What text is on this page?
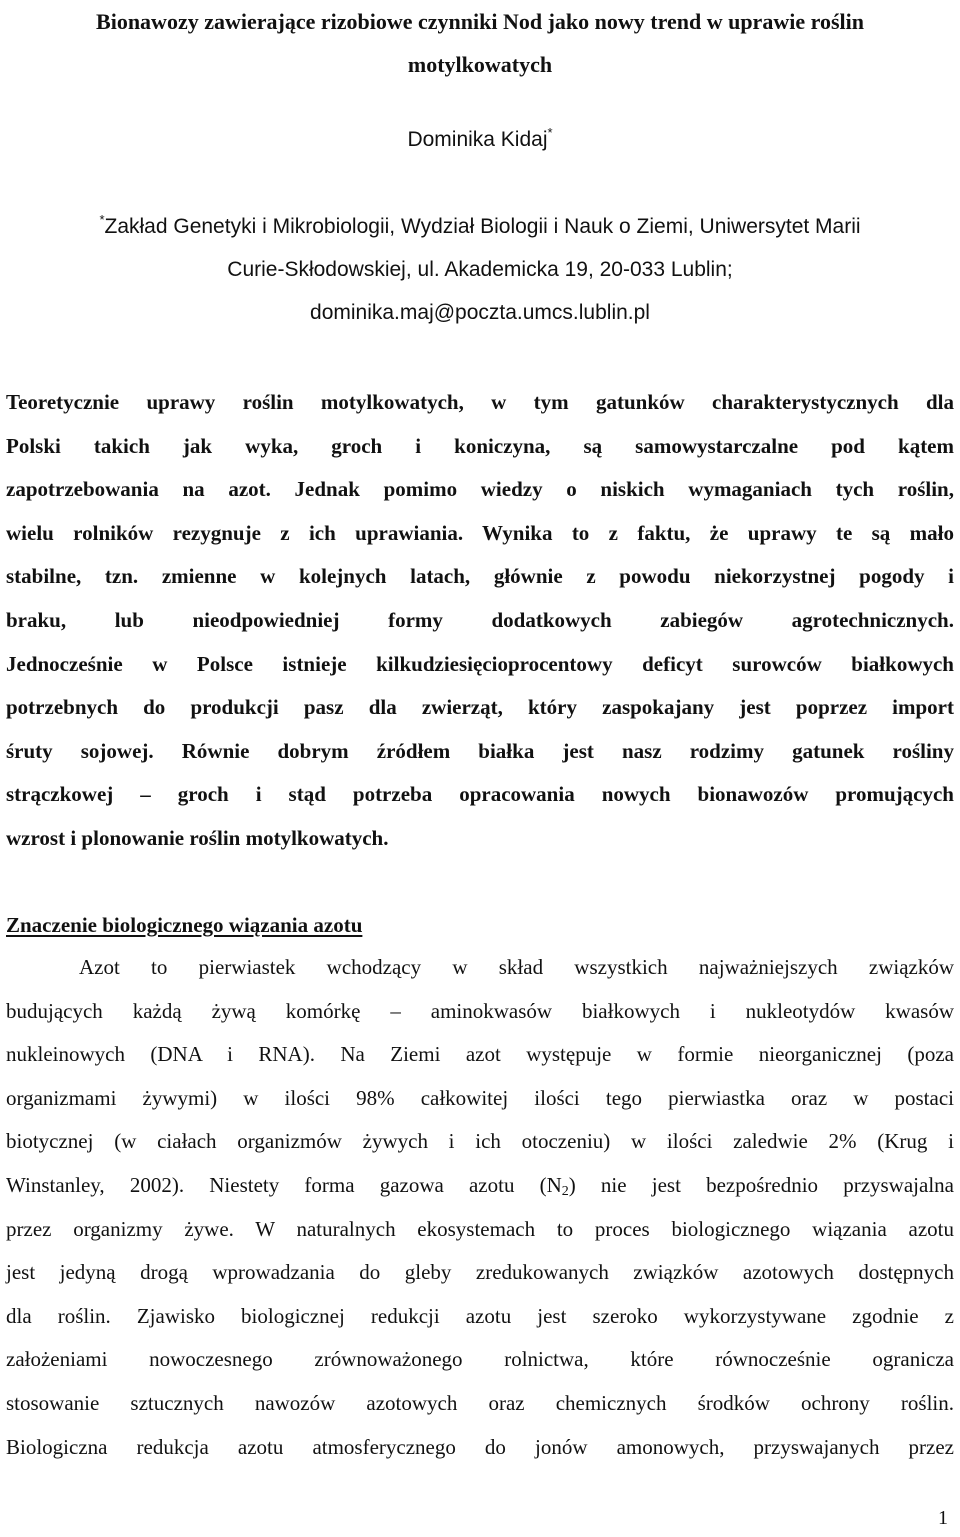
Bionawozy zawierające rizobiowe czynniki Nod jako nowy trend w uprawie roślin
motylkowatych
Dominika Kidaj*
*Zakład Genetyki i Mikrobiologii, Wydział Biologii i Nauk o Ziemi, Uniwersytet Marii
Curie-Skłodowskiej, ul. Akademicka 19, 20-033 Lublin;
dominika.maj@poczta.umcs.lublin.pl
Teoretycznie uprawy roślin motylkowatych, w tym gatunków charakterystycznych dla
Polski takich jak wyka, groch i koniczyna, są samowystarczalne pod kątem
zapotrzebowania na azot. Jednak pomimo wiedzy o niskich wymaganiach tych roślin,
wielu rolników rezygnuje z ich uprawiania. Wynika to z faktu, że uprawy te są mało
stabilne, tzn. zmienne w kolejnych latach, głównie z powodu niekorzystnej pogody i
braku, lub nieodpowiedniej formy dodatkowych zabiegów agrotechnicznych.
Jednocześnie w Polsce istnieje kilkudziesięcioprocentowy deficyt surowców białkowych
potrzebnych do produkcji pasz dla zwierząt, który zaspokajany jest poprzez import
śruty sojowej. Równie dobrym źródłem białka jest nasz rodzimy gatunek rośliny
strączkowej – groch i stąd potrzeba opracowania nowych bionawozów promujących
wzrost i plonowanie roślin motylkowatych.
Znaczenie biologicznego wiązania azotu
Azot to pierwiastek wchodzący w skład wszystkich najważniejszych związków
budujących każdą żywą komórkę – aminokwasów białkowych i nukleotydów kwasów
nukleinowych (DNA i RNA). Na Ziemi azot występuje w formie nieorganicznej (poza
organizmami żywymi) w ilości 98% całkowitej ilości tego pierwiastka oraz w postaci
biotycznej (w ciałach organizmów żywych i ich otoczeniu) w ilości zaledwie 2% (Krug i
Winstanley, 2002). Niestety forma gazowa azotu $(N_2)$ nie jest bezpośrednio przyswajalna
przez organizmy żywe. W naturalnych ekosystemach to proces biologicznego wiązania azotu
jest jedyną drogą wprowadzania do gleby zredukowanych związków azotowych dostępnych
dla roślin. Zjawisko biologicznej redukcji azotu jest szeroko wykorzystywane zgodnie z
założeniami nowoczesnego zrównoważonego rolnictwa, które równocześnie ogranicza
stosowanie sztucznych nawozów azotowych oraz chemicznych środków ochrony roślin.
Biologiczna redukcja azotu atmosferycznego do jonów amonowych, przyswajanych przez
1
